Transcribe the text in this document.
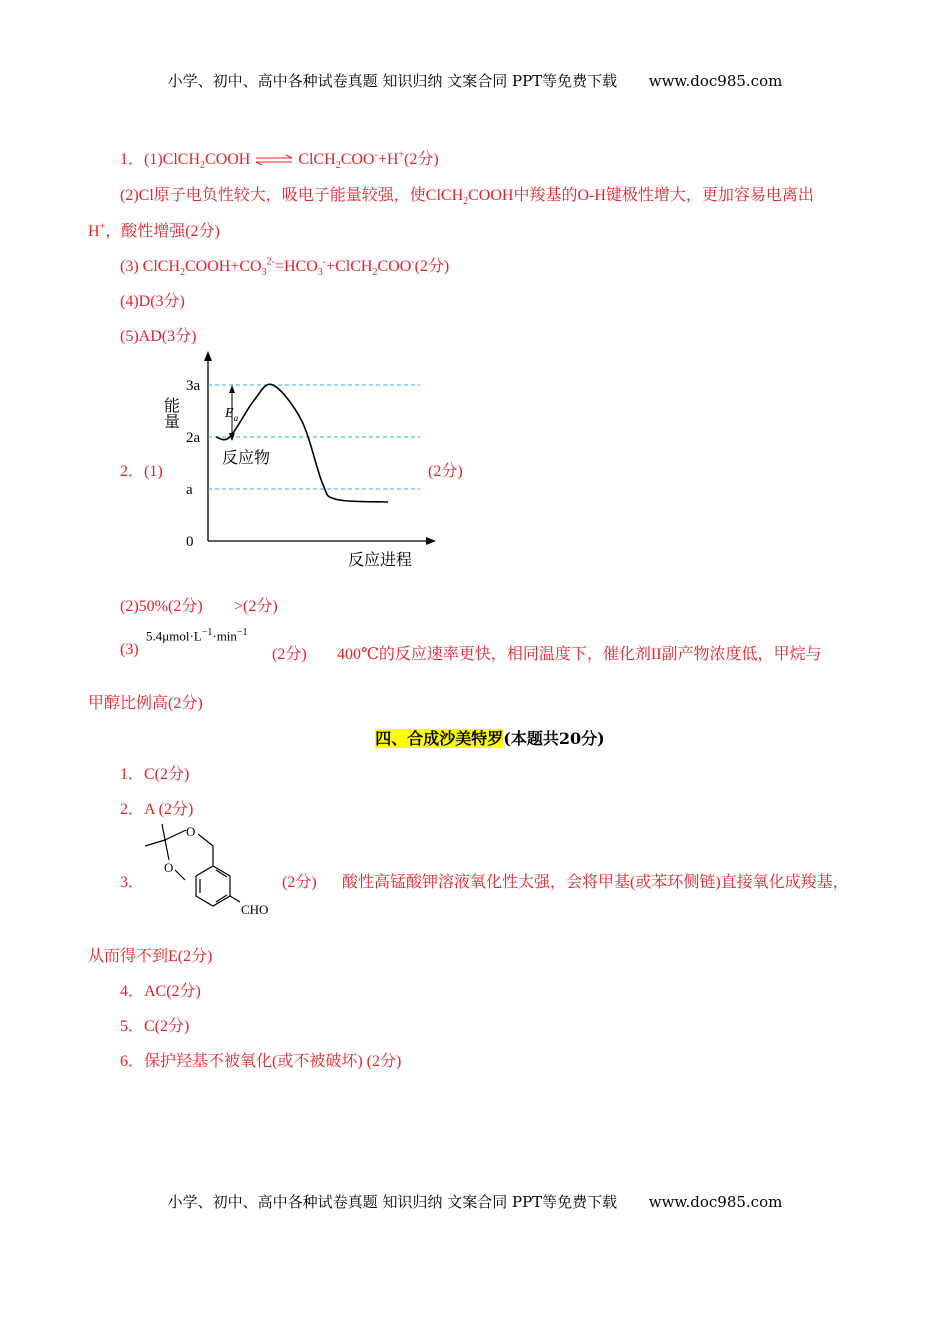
小学、初中、高中各种试卷真题 知识归纳 文案合同 PPT等免费下载 www.doc985.com
1．(1)ClCH$_2$COOH ⇌ ClCH$_2$COO-+H+(2分)
(2)Cl原子电负性较大，吸电子能量较强，使ClCH$_2$COOH中羧基的O-H键极性增大，更加容易电离出
H+，酸性增强(2分)
(3) $ClCH_2COOH+CO_3^{2-}=HCO_3^-+ClCH_2COO^-(2$分)
(4)D(3分)
(5)AD(3分)
2．(1)	(2分)
0
a
2a
3a
$E_a$
反应物
能量
反应进程
(2)50%(2分) >(2分)
(3)
$5.4\mu mol\cdot L^{-1}\cdot\min^{-1}$
(2分) 400℃的反应速率更快，相同温度下，催化剂II副产物浓度低，甲烷与
甲醇比例高(2分)
四、合成沙美特罗(本题共20分)
1．C(2分)
2．A (2分)
O
O
CHO
3．	(2分) 酸性高锰酸钾溶液氧化性太强，会将甲基(或苯环侧链)直接氧化成羧基，
从而得不到E(2分)
4．AC(2分)
5．C(2分)
6．保护羟基不被氧化(或不被破坏) (2分)
小学、初中、高中各种试卷真题 知识归纳 文案合同 PPT等免费下载 www.doc985.com
